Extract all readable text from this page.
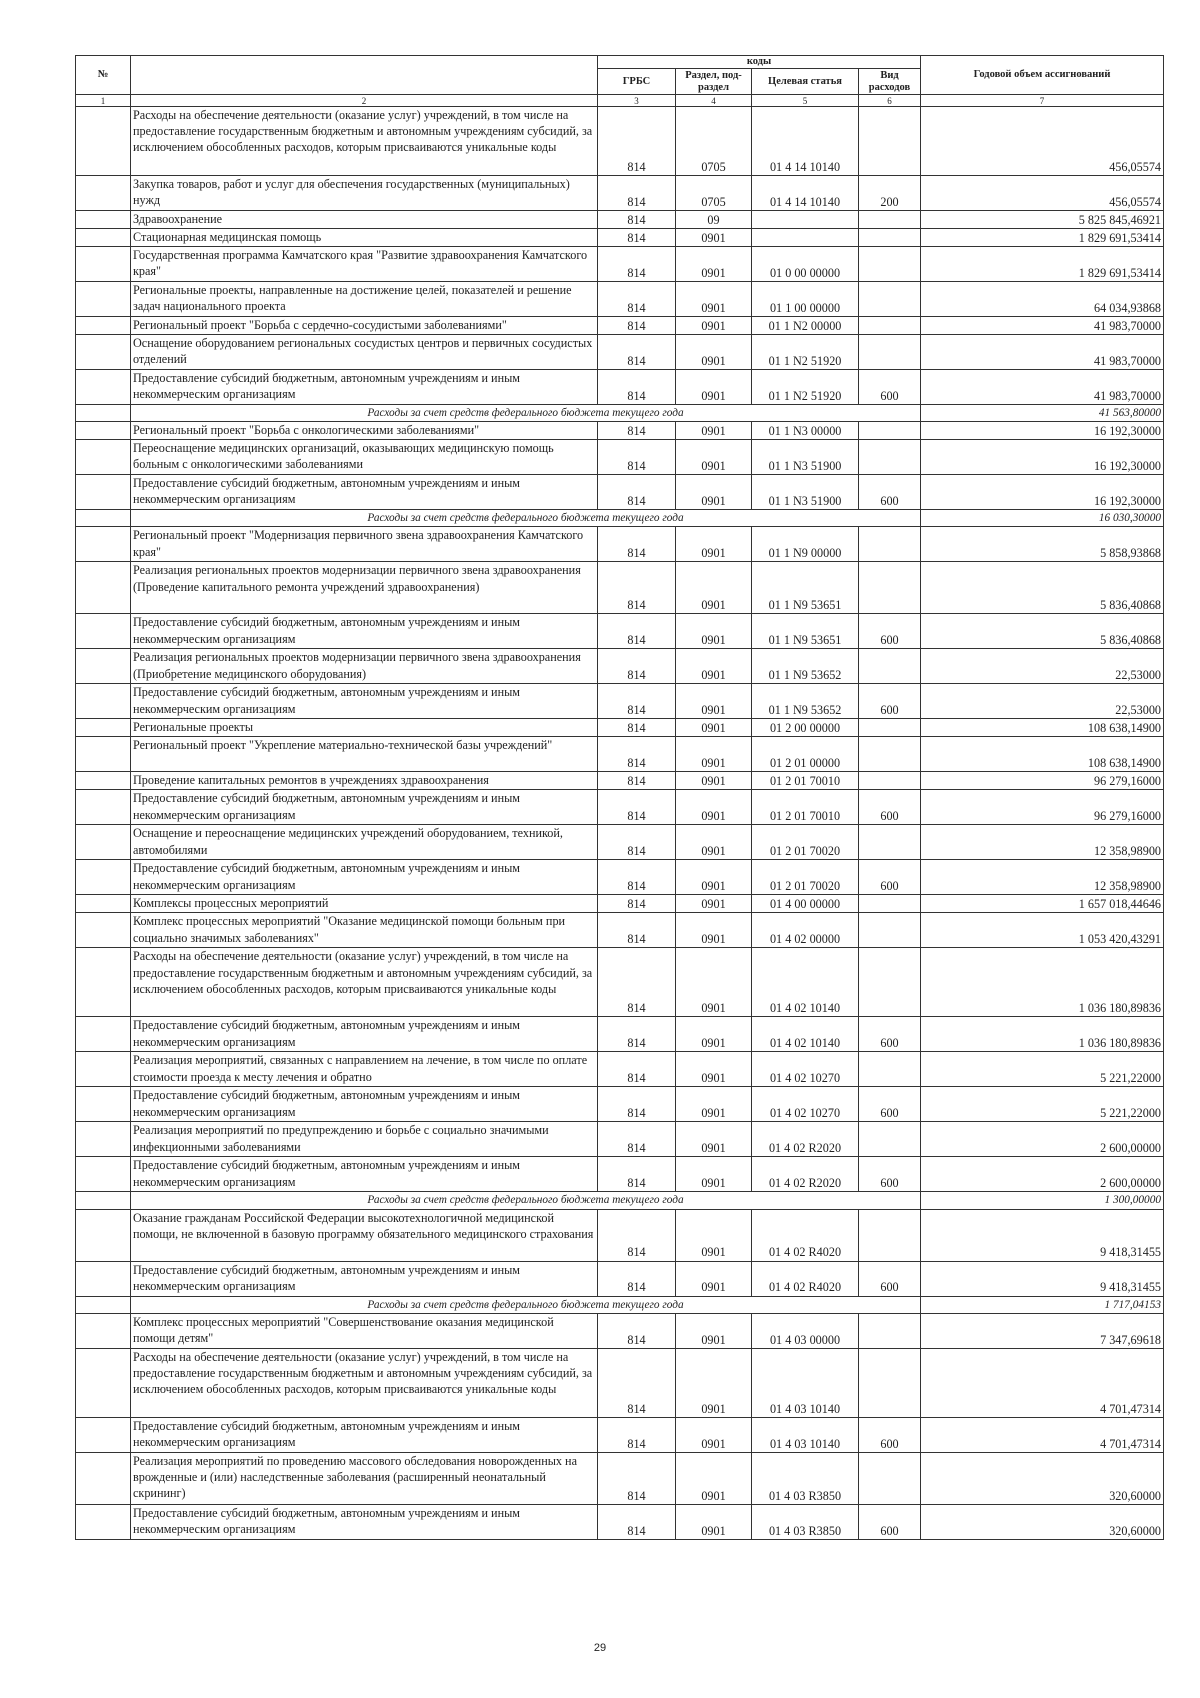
№		коды				Годовой объем ассигнований
		ГРБС	Раздел, под-раздел	Целевая статья	Вид расходов	
1	2	3	4	5	6	7
	Расходы на обеспечение деятельности (оказание услуг) учреждений, в том числе на предоставление государственным бюджетным и автономным учреждениям субсидий, за исключением обособленных расходов, которым присваиваются уникальные коды	814	0705	01 4 14 10140		456,05574
	Закупка товаров, работ и услуг для обеспечения государственных (муниципальных) нужд	814	0705	01 4 14 10140	200	456,05574
	Здравоохранение	814	09			5 825 845,46921
	Стационарная медицинская помощь	814	0901			1 829 691,53414
	Государственная программа Камчатского края "Развитие здравоохранения Камчатского края"	814	0901	01 0 00 00000		1 829 691,53414
	Региональные проекты, направленные на достижение целей, показателей и решение задач национального проекта	814	0901	01 1 00 00000		64 034,93868
	Региональный проект "Борьба с сердечно-сосудистыми заболеваниями"	814	0901	01 1 N2 00000		41 983,70000
	Оснащение оборудованием региональных сосудистых центров и первичных сосудистых отделений	814	0901	01 1 N2 51920		41 983,70000
	Предоставление субсидий бюджетным, автономным учреждениям и иным некоммерческим организациям	814	0901	01 1 N2 51920	600	41 983,70000
	Расходы за счет средств федерального бюджета текущего года					41 563,80000
	Региональный проект "Борьба с онкологическими заболеваниями"	814	0901	01 1 N3 00000		16 192,30000
	Переоснащение медицинских организаций, оказывающих медицинскую помощь больным с онкологическими заболеваниями	814	0901	01 1 N3 51900		16 192,30000
	Предоставление субсидий бюджетным, автономным учреждениям и иным некоммерческим организациям	814	0901	01 1 N3 51900	600	16 192,30000
	Расходы за счет средств федерального бюджета текущего года					16 030,30000
	Региональный проект "Модернизация первичного звена здравоохранения Камчатского края"	814	0901	01 1 N9 00000		5 858,93868
	Реализация региональных проектов модернизации первичного звена здравоохранения (Проведение капитального ремонта учреждений здравоохранения)	814	0901	01 1 N9 53651		5 836,40868
	Предоставление субсидий бюджетным, автономным учреждениям и иным некоммерческим организациям	814	0901	01 1 N9 53651	600	5 836,40868
	Реализация региональных проектов модернизации первичного звена здравоохранения (Приобретение медицинского оборудования)	814	0901	01 1 N9 53652		22,53000
	Предоставление субсидий бюджетным, автономным учреждениям и иным некоммерческим организациям	814	0901	01 1 N9 53652	600	22,53000
	Региональные проекты	814	0901	01 2 00 00000		108 638,14900
	Региональный проект "Укрепление материально-технической базы учреждений"	814	0901	01 2 01 00000		108 638,14900
	Проведение капитальных ремонтов в учреждениях здравоохранения	814	0901	01 2 01 70010		96 279,16000
	Предоставление субсидий бюджетным, автономным учреждениям и иным некоммерческим организациям	814	0901	01 2 01 70010	600	96 279,16000
	Оснащение и переоснащение медицинских учреждений оборудованием, техникой, автомобилями	814	0901	01 2 01 70020		12 358,98900
	Предоставление субсидий бюджетным, автономным учреждениям и иным некоммерческим организациям	814	0901	01 2 01 70020	600	12 358,98900
	Комплексы процессных мероприятий	814	0901	01 4 00 00000		1 657 018,44646
	Комплекс процессных мероприятий "Оказание медицинской помощи больным при социально значимых заболеваниях"	814	0901	01 4 02 00000		1 053 420,43291
	Расходы на обеспечение деятельности (оказание услуг) учреждений, в том числе на предоставление государственным бюджетным и автономным учреждениям субсидий, за исключением обособленных расходов, которым присваиваются уникальные коды	814	0901	01 4 02 10140		1 036 180,89836
	Предоставление субсидий бюджетным, автономным учреждениям и иным некоммерческим организациям	814	0901	01 4 02 10140	600	1 036 180,89836
	Реализация мероприятий, связанных с направлением на лечение, в том числе по оплате стоимости проезда к месту лечения и обратно	814	0901	01 4 02 10270		5 221,22000
	Предоставление субсидий бюджетным, автономным учреждениям и иным некоммерческим организациям	814	0901	01 4 02 10270	600	5 221,22000
	Реализация мероприятий по предупреждению и борьбе с социально значимыми инфекционными заболеваниями	814	0901	01 4 02 R2020		2 600,00000
	Предоставление субсидий бюджетным, автономным учреждениям и иным некоммерческим организациям	814	0901	01 4 02 R2020	600	2 600,00000
	Расходы за счет средств федерального бюджета текущего года					1 300,00000
	Оказание гражданам Российской Федерации высокотехнологичной медицинской помощи, не включенной в базовую программу обязательного медицинского страхования	814	0901	01 4 02 R4020		9 418,31455
	Предоставление субсидий бюджетным, автономным учреждениям и иным некоммерческим организациям	814	0901	01 4 02 R4020	600	9 418,31455
	Расходы за счет средств федерального бюджета текущего года					1 717,04153
	Комплекс процессных мероприятий "Совершенствование оказания медицинской помощи детям"	814	0901	01 4 03 00000		7 347,69618
	Расходы на обеспечение деятельности (оказание услуг) учреждений, в том числе на предоставление государственным бюджетным и автономным учреждениям субсидий, за исключением обособленных расходов, которым присваиваются уникальные коды	814	0901	01 4 03 10140		4 701,47314
	Предоставление субсидий бюджетным, автономным учреждениям и иным некоммерческим организациям	814	0901	01 4 03 10140	600	4 701,47314
	Реализация мероприятий по проведению массового обследования новорожденных на врожденные и (или) наследственные заболевания (расширенный неонатальный скрининг)	814	0901	01 4 03 R3850		320,60000
	Предоставление субсидий бюджетным, автономным учреждениям и иным некоммерческим организациям	814	0901	01 4 03 R3850	600	320,60000
29
